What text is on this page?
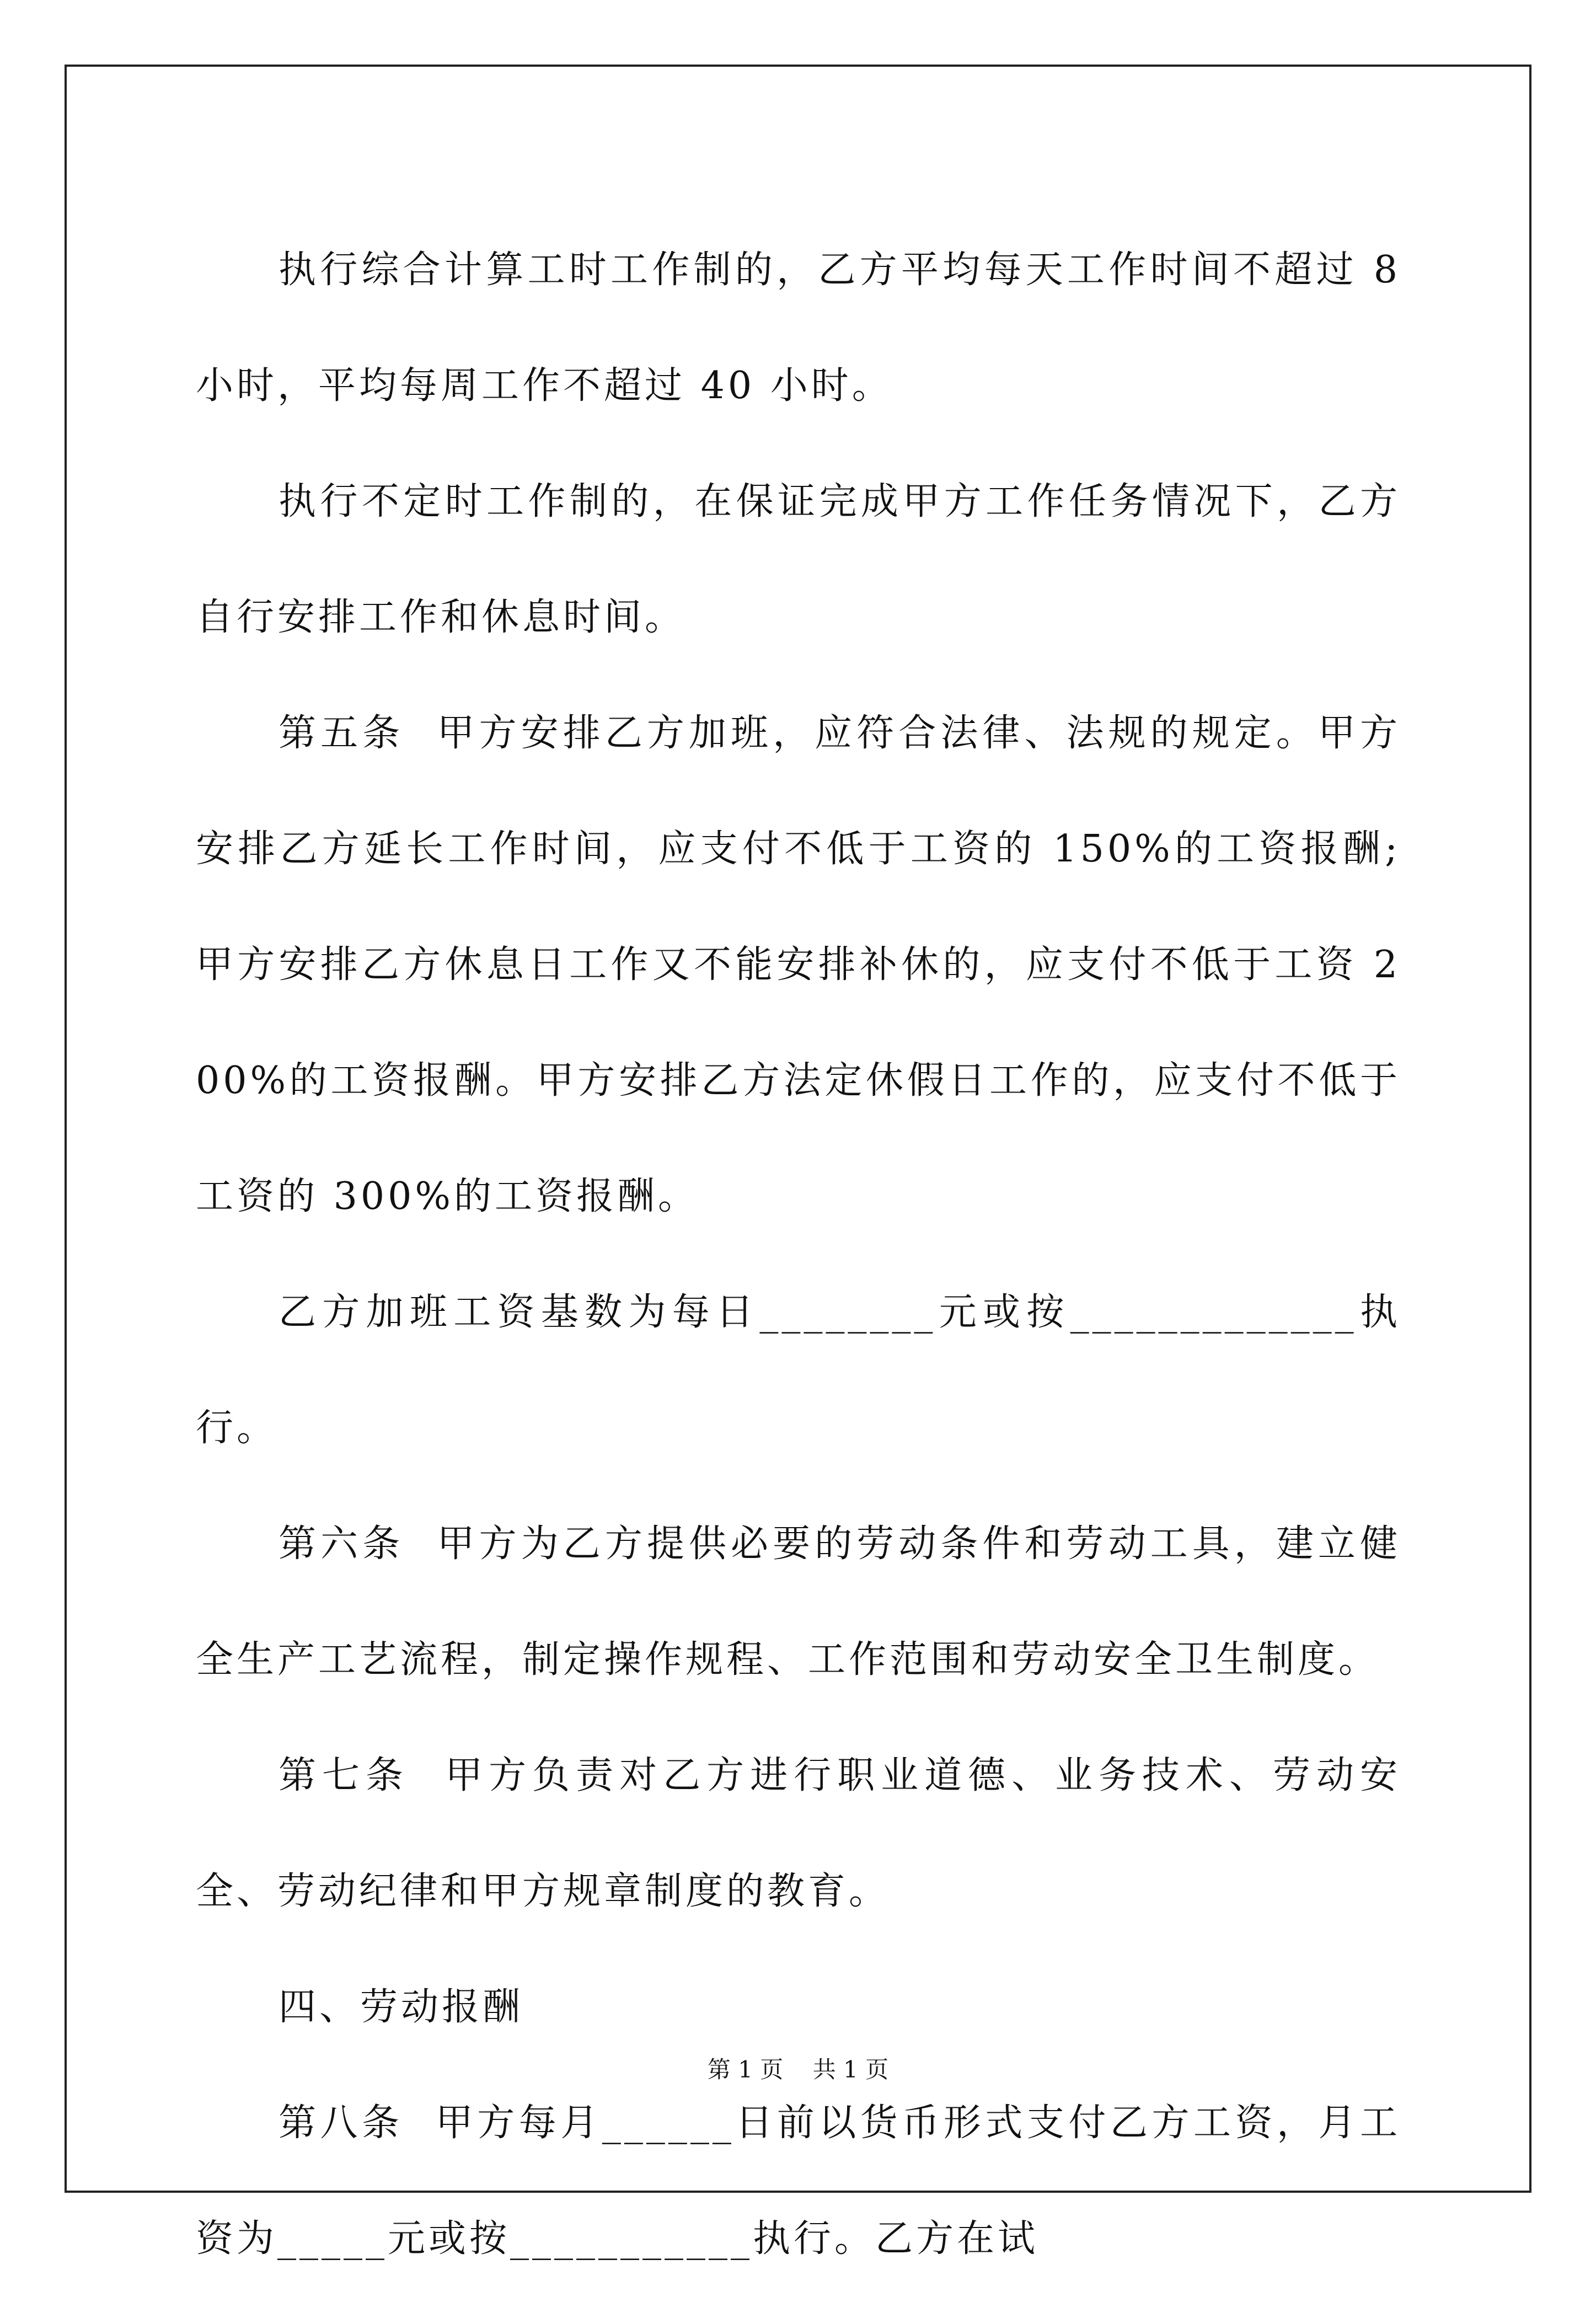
执行综合计算工时工作制的，乙方平均每天工作时间不超过 8 小时，平均每周工作不超过 40 小时。

执行不定时工作制的，在保证完成甲方工作任务情况下，乙方自行安排工作和休息时间。

第五条  甲方安排乙方加班，应符合法律、法规的规定。甲方安排乙方延长工作时间，应支付不低于工资的 150%的工资报酬;甲方安排乙方休息日工作又不能安排补休的，应支付不低于工资 200%的工资报酬。甲方安排乙方法定休假日工作的，应支付不低于工资的 300%的工资报酬。

乙方加班工资基数为每日________元或按_____________执行。

第六条  甲方为乙方提供必要的劳动条件和劳动工具，建立健全生产工艺流程，制定操作规程、工作范围和劳动安全卫生制度。

第七条  甲方负责对乙方进行职业道德、业务技术、劳动安全、劳动纪律和甲方规章制度的教育。

四、劳动报酬

第八条  甲方每月______日前以货币形式支付乙方工资，月工资为_____元或按___________执行。乙方在试

第 1 页    共 1 页
